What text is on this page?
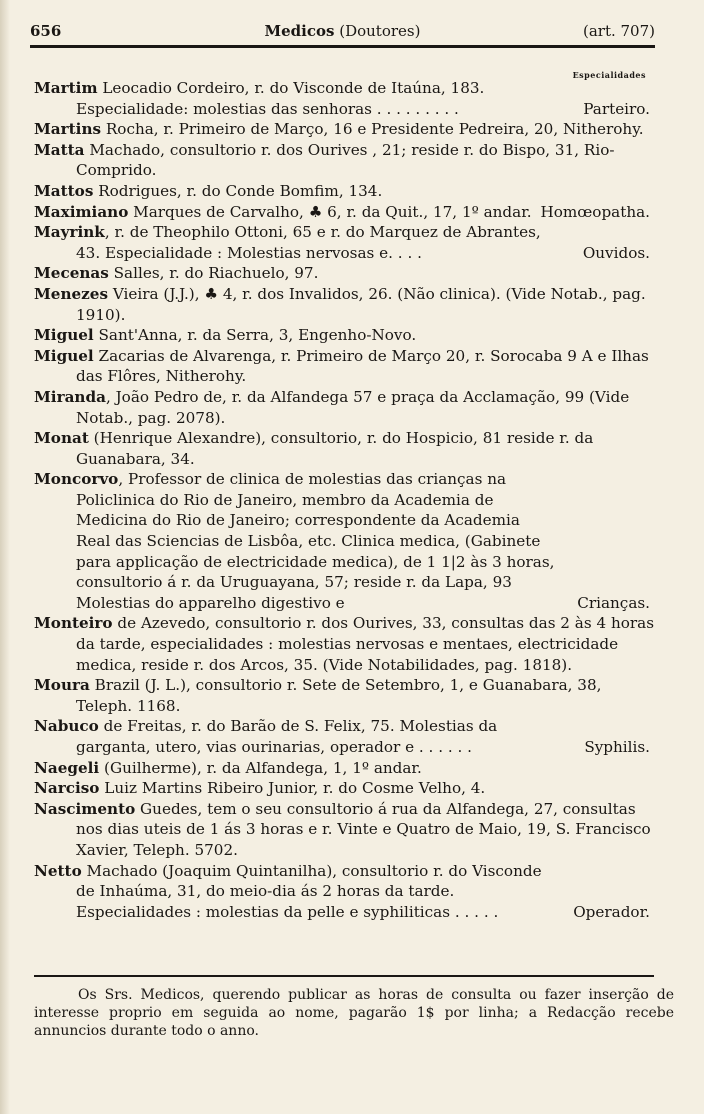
656	Medicos (Doutores)	(art. 707)
Especialidades

Martim Leocadio Cordeiro, r. do Visconde de Itaúna, 183. Especialidade: molestias das senhoras . . . . . . . . .	Parteiro.

Martins Rocha, r. Primeiro de Março, 16 e Presidente Pedreira, 20, Nitherohy.

Matta Machado, consultorio r. dos Ourives , 21; reside r. do Bispo, 31, Rio-Comprido.

Mattos Rodrigues, r. do Conde Bomfim, 134.

Maximiano Marques de Carvalho, ♣ 6, r. da Quit., 17, 1º andar. Homœopatha.

Mayrink, r. de Theophilo Ottoni, 65 e r. do Marquez de Abrantes, 43. Especialidade : Molestias nervosas e. . . .	Ouvidos.

Mecenas Salles, r. do Riachuelo, 97.

Menezes Vieira (J.J.), ♣ 4, r. dos Invalidos, 26. (Não clinica). (Vide Notab., pag. 1910).

Miguel Sant'Anna, r. da Serra, 3, Engenho-Novo.

Miguel Zacarias de Alvarenga, r. Primeiro de Março 20, r. Sorocaba 9 A e Ilhas das Flôres, Nitherohy.

Miranda, João Pedro de, r. da Alfandega 57 e praça da Acclamação, 99 (Vide Notab., pag. 2078).

Monat (Henrique Alexandre), consultorio, r. do Hospicio, 81 reside r. da Guanabara, 34.

Moncorvo, Professor de clinica de molestias das crianças na Policlinica do Rio de Janeiro, membro da Academia de Medicina do Rio de Janeiro; correspondente da Academia Real das Sciencias de Lisbôa, etc. Clinica medica, (Gabinete para applicação de electricidade medica), de 1 1|2 às 3 horas, consultorio á r. da Uruguayana, 57; reside r. da Lapa, 93 Molestias do apparelho digestivo e	Crianças.

Monteiro de Azevedo, consultorio r. dos Ourives, 33, consultas das 2 às 4 horas da tarde, especialidades : molestias nervosas e mentaes, electricidade medica, reside r. dos Arcos, 35. (Vide Notabilidades, pag. 1818).

Moura Brazil (J. L.), consultorio r. Sete de Setembro, 1, e Guanabara, 38, Teleph. 1168.

Nabuco de Freitas, r. do Barão de S. Felix, 75. Molestias da garganta, utero, vias ourinarias, operador e . . . . . .	Syphilis.

Naegeli (Guilherme), r. da Alfandega, 1, 1º andar.

Narciso Luiz Martins Ribeiro Junior, r. do Cosme Velho, 4.

Nascimento Guedes, tem o seu consultorio á rua da Alfandega, 27, consultas nos dias uteis de 1 ás 3 horas e r. Vinte e Quatro de Maio, 19, S. Francisco Xavier, Teleph. 5702.

Netto Machado (Joaquim Quintanilha), consultorio r. do Visconde de Inhaúma, 31, do meio-dia ás 2 horas da tarde. Especialidades : molestias da pelle e syphiliticas . . . . .	Operador.

Os Srs. Medicos, querendo publicar as horas de consulta ou fazer inserção de interesse proprio em seguida ao nome, pagarão 1$ por linha; a Redacção recebe annuncios durante todo o anno.
